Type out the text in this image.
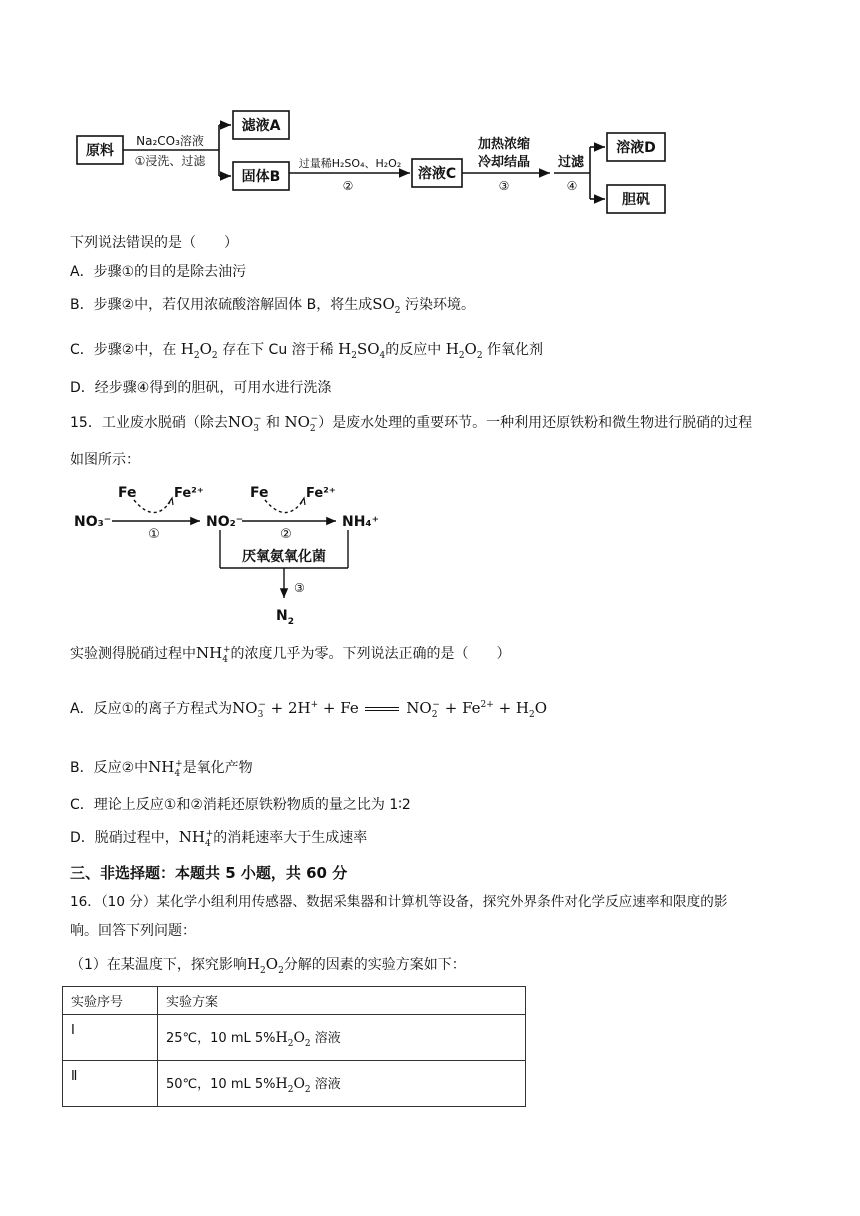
原料
Na₂CO₃溶液
①浸洗、过滤
滤液A
固体B
过量稀H₂SO₄、H₂O₂
②
溶液C
加热浓缩
冷却结晶
③
过滤
④
溶液D
胆矾
下列说法错误的是（　　）
A．步骤①的目的是除去油污
B．步骤②中，若仅用浓硫酸溶解固体 B，将生成$SO_2$ 污染环境。
C．步骤②中，在 $H_2O_2$ 存在下 Cu 溶于稀 $H_2SO_4$的反应中 $H_2O_2$ 作氧化剂
D．经步骤④得到的胆矾，可用水进行洗涤
15．工业废水脱硝（除去$NO_3^-$ 和 $NO_2^-$）是废水处理的重要环节。一种利用还原铁粉和微生物进行脱硝的过程
如图所示：
Fe	Fe²⁺	Fe	Fe²⁺
NO₃⁻	NO₂⁻	NH₄⁺
①	②
厌氧氨氧化菌
③
$N_2$
实验测得脱硝过程中$NH_4^+$的浓度几乎为零。下列说法正确的是（　　）
A．反应①的离子方程式为$NO_3^- + 2H^+ + Fe$	$NO_2^- + Fe^{2+} + H_2O$
B．反应②中$NH_4^+$是氧化产物
C．理论上反应①和②消耗还原铁粉物质的量之比为 1∶2
D．脱硝过程中，$NH_4^+$的消耗速率大于生成速率
三、非选择题：本题共 5 小题，共 60 分
16．（10 分）某化学小组利用传感器、数据采集器和计算机等设备，探究外界条件对化学反应速率和限度的影
响。回答下列问题：
（1）在某温度下，探究影响$H_2O_2$分解的因素的实验方案如下：
实验序号	实验方案
Ⅰ	25℃，10 mL $5\%H_2O_2$ 溶液
Ⅱ	50℃，10 mL $5\%H_2O_2$ 溶液
